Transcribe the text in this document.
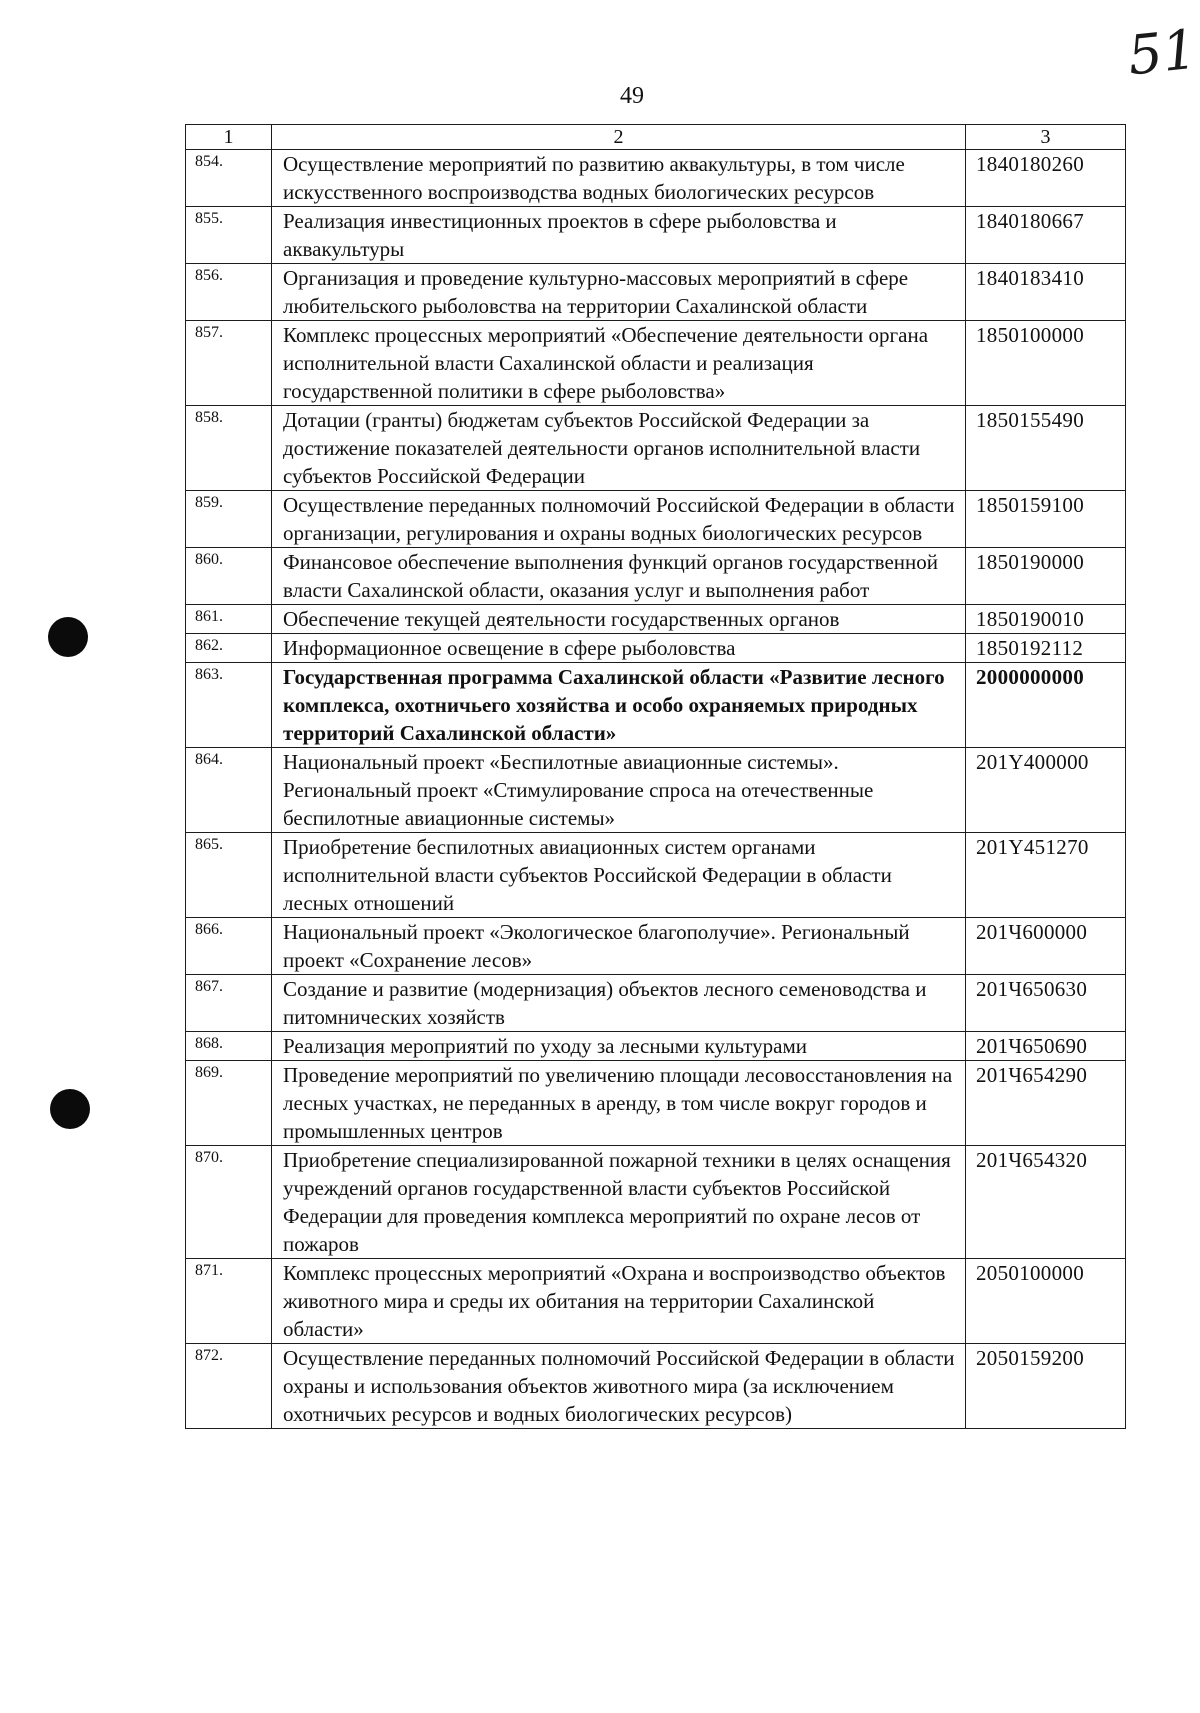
51
49
1	2	3
854.	Осуществление мероприятий по развитию аквакультуры, в том числе искусственного воспроизводства водных биологических ресурсов	1840180260
855.	Реализация инвестиционных проектов в сфере рыболовства и аквакультуры	1840180667
856.	Организация и проведение культурно-массовых мероприятий в сфере любительского рыболовства на территории Сахалинской области	1840183410
857.	Комплекс процессных мероприятий «Обеспечение деятельности органа исполнительной власти Сахалинской области и реализация государственной политики в сфере рыболовства»	1850100000
858.	Дотации (гранты) бюджетам субъектов Российской Федерации за достижение показателей деятельности органов исполнительной власти субъектов Российской Федерации	1850155490
859.	Осуществление переданных полномочий Российской Федерации в области организации, регулирования и охраны водных биологических ресурсов	1850159100
860.	Финансовое обеспечение выполнения функций органов государственной власти Сахалинской области, оказания услуг и выполнения работ	1850190000
861.	Обеспечение текущей деятельности государственных органов	1850190010
862.	Информационное освещение в сфере рыболовства	1850192112
863.	Государственная программа Сахалинской области «Развитие лесного комплекса, охотничьего хозяйства и особо охраняемых природных территорий Сахалинской области»	2000000000
864.	Национальный проект «Беспилотные авиационные системы». Региональный проект «Стимулирование спроса на отечественные беспилотные авиационные системы»	201Y400000
865.	Приобретение беспилотных авиационных систем органами исполнительной власти субъектов Российской Федерации в области лесных отношений	201Y451270
866.	Национальный проект «Экологическое благополучие». Региональный проект «Сохранение лесов»	201Ч600000
867.	Создание и развитие (модернизация) объектов лесного семеноводства и питомнических хозяйств	201Ч650630
868.	Реализация мероприятий по уходу за лесными культурами	201Ч650690
869.	Проведение мероприятий по увеличению площади лесовосстановления на лесных участках, не переданных в аренду, в том числе вокруг городов и промышленных центров	201Ч654290
870.	Приобретение специализированной пожарной техники в целях оснащения учреждений органов государственной власти субъектов Российской Федерации для проведения комплекса мероприятий по охране лесов от пожаров	201Ч654320
871.	Комплекс процессных мероприятий «Охрана и воспроизводство объектов животного мира и среды их обитания на территории Сахалинской области»	2050100000
872.	Осуществление переданных полномочий Российской Федерации в области охраны и использования объектов животного мира (за исключением охотничьих ресурсов и водных биологических ресурсов)	2050159200
